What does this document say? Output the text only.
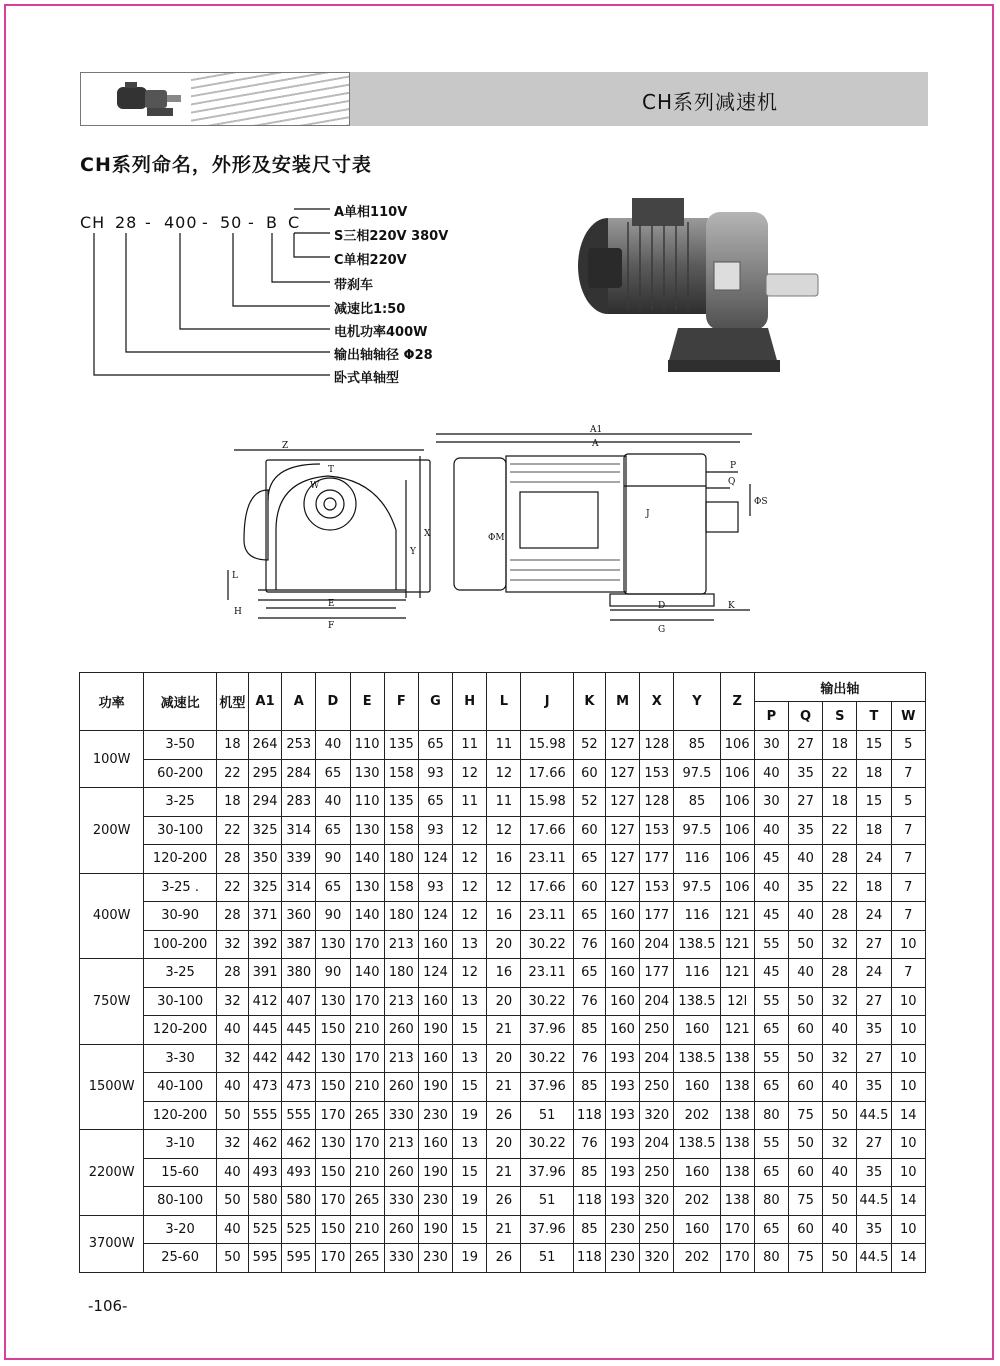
CH系列减速机
CH系列命名，外形及安装尺寸表
CH 28 - 400 - 50 - B C
A单相110V
S三相220V 380V
C单相220V
带刹车
减速比1:50
电机功率400W
输出轴轴径 Φ28
卧式单轴型
Z
T
W
X
Y
L
H
E
F
A1
A
P
Q
ΦS
ΦM
J
D
G
K
功率	减速比	机型	A1	A	D	E	F	G	H	L	J	K	M	X	Y	Z	输出轴				
																	P	Q	S	T	W
100W	3-50	18	264	253	40	110	135	65	11	11	15.98	52	127	128	85	106	30	27	18	15	5
	60-200	22	295	284	65	130	158	93	12	12	17.66	60	127	153	97.5	106	40	35	22	18	7
200W	3-25	18	294	283	40	110	135	65	11	11	15.98	52	127	128	85	106	30	27	18	15	5
	30-100	22	325	314	65	130	158	93	12	12	17.66	60	127	153	97.5	106	40	35	22	18	7
	120-200	28	350	339	90	140	180	124	12	16	23.11	65	127	177	116	106	45	40	28	24	7
400W	3-25 .	22	325	314	65	130	158	93	12	12	17.66	60	127	153	97.5	106	40	35	22	18	7
	30-90	28	371	360	90	140	180	124	12	16	23.11	65	160	177	116	121	45	40	28	24	7
	100-200	32	392	387	130	170	213	160	13	20	30.22	76	160	204	138.5	121	55	50	32	27	10
750W	3-25	28	391	380	90	140	180	124	12	16	23.11	65	160	177	116	121	45	40	28	24	7
	30-100	32	412	407	130	170	213	160	13	20	30.22	76	160	204	138.5	12l	55	50	32	27	10
	120-200	40	445	445	150	210	260	190	15	21	37.96	85	160	250	160	121	65	60	40	35	10
1500W	3-30	32	442	442	130	170	213	160	13	20	30.22	76	193	204	138.5	138	55	50	32	27	10
	40-100	40	473	473	150	210	260	190	15	21	37.96	85	193	250	160	138	65	60	40	35	10
	120-200	50	555	555	170	265	330	230	19	26	51	118	193	320	202	138	80	75	50	44.5	14
2200W	3-10	32	462	462	130	170	213	160	13	20	30.22	76	193	204	138.5	138	55	50	32	27	10
	15-60	40	493	493	150	210	260	190	15	21	37.96	85	193	250	160	138	65	60	40	35	10
	80-100	50	580	580	170	265	330	230	19	26	51	118	193	320	202	138	80	75	50	44.5	14
3700W	3-20	40	525	525	150	210	260	190	15	21	37.96	85	230	250	160	170	65	60	40	35	10
	25-60	50	595	595	170	265	330	230	19	26	51	118	230	320	202	170	80	75	50	44.5	14
-106-
